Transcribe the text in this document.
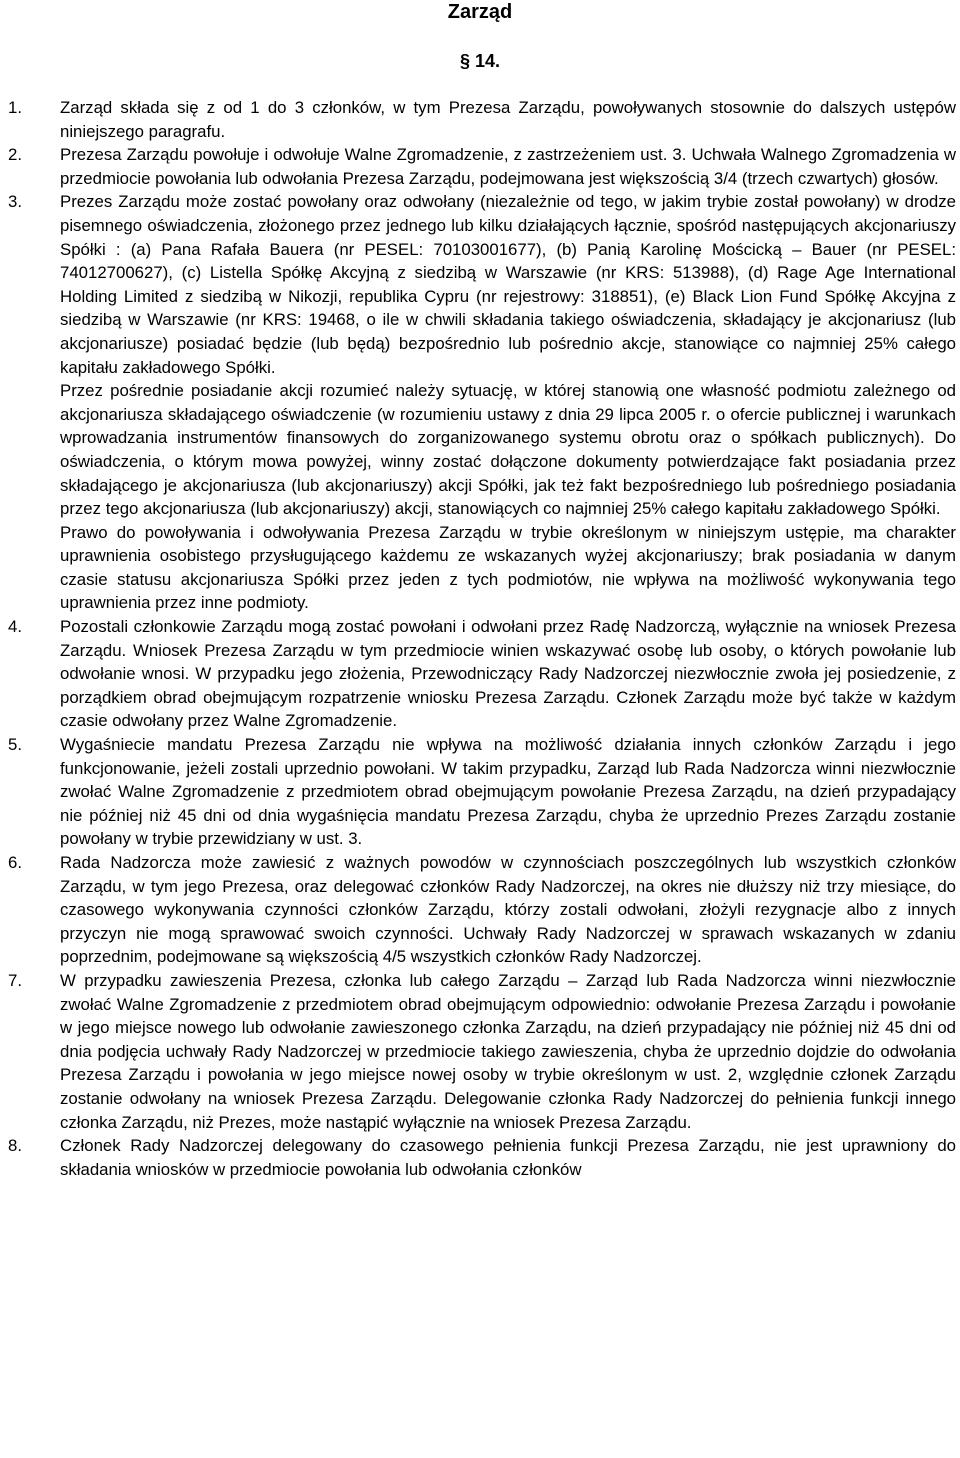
Zarząd
§ 14.
1. Zarząd składa się z od 1 do 3 członków, w tym Prezesa Zarządu, powoływanych stosownie do dalszych ustępów niniejszego paragrafu.

2. Prezesa Zarządu powołuje i odwołuje Walne Zgromadzenie, z zastrzeżeniem ust. 3. Uchwała Walnego Zgromadzenia w przedmiocie powołania lub odwołania Prezesa Zarządu, podejmowana jest większością 3/4 (trzech czwartych) głosów.

3. Prezes Zarządu może zostać powołany oraz odwołany (niezależnie od tego, w jakim trybie został powołany) w drodze pisemnego oświadczenia, złożonego przez jednego lub kilku działających łącznie, spośród następujących akcjonariuszy Spółki : (a) Pana Rafała Bauera (nr PESEL: 70103001677), (b) Panią Karolinę Mościcką – Bauer (nr PESEL: 74012700627), (c) Listella Spółkę Akcyjną z siedzibą w Warszawie (nr KRS: 513988), (d) Rage Age International Holding Limited z siedzibą w Nikozji, republika Cypru (nr rejestrowy: 318851), (e) Black Lion Fund Spółkę Akcyjna z siedzibą w Warszawie (nr KRS: 19468, o ile w chwili składania takiego oświadczenia, składający je akcjonariusz (lub akcjonariusze) posiadać będzie (lub będą) bezpośrednio lub pośrednio akcje, stanowiące co najmniej 25% całego kapitału zakładowego Spółki.

Przez pośrednie posiadanie akcji rozumieć należy sytuację, w której stanowią one własność podmiotu zależnego od akcjonariusza składającego oświadczenie (w rozumieniu ustawy z dnia 29 lipca 2005 r. o ofercie publicznej i warunkach wprowadzania instrumentów finansowych do zorganizowanego systemu obrotu oraz o spółkach publicznych). Do oświadczenia, o którym mowa powyżej, winny zostać dołączone dokumenty potwierdzające fakt posiadania przez składającego je akcjonariusza (lub akcjonariuszy) akcji Spółki, jak też fakt bezpośredniego lub pośredniego posiadania przez tego akcjonariusza (lub akcjonariuszy) akcji, stanowiących co najmniej 25% całego kapitału zakładowego Spółki.

Prawo do powoływania i odwoływania Prezesa Zarządu w trybie określonym w niniejszym ustępie, ma charakter uprawnienia osobistego przysługującego każdemu ze wskazanych wyżej akcjonariuszy; brak posiadania w danym czasie statusu akcjonariusza Spółki przez jeden z tych podmiotów, nie wpływa na możliwość wykonywania tego uprawnienia przez inne podmioty.

4. Pozostali członkowie Zarządu mogą zostać powołani i odwołani przez Radę Nadzorczą, wyłącznie na wniosek Prezesa Zarządu. Wniosek Prezesa Zarządu w tym przedmiocie winien wskazywać osobę lub osoby, o których powołanie lub odwołanie wnosi. W przypadku jego złożenia, Przewodniczący Rady Nadzorczej niezwłocznie zwoła jej posiedzenie, z porządkiem obrad obejmującym rozpatrzenie wniosku Prezesa Zarządu. Członek Zarządu może być także w każdym czasie odwołany przez Walne Zgromadzenie.

5. Wygaśniecie mandatu Prezesa Zarządu nie wpływa na możliwość działania innych członków Zarządu i jego funkcjonowanie, jeżeli zostali uprzednio powołani. W takim przypadku, Zarząd lub Rada Nadzorcza winni niezwłocznie zwołać Walne Zgromadzenie z przedmiotem obrad obejmującym powołanie Prezesa Zarządu, na dzień przypadający nie później niż 45 dni od dnia wygaśnięcia mandatu Prezesa Zarządu, chyba że uprzednio Prezes Zarządu zostanie powołany w trybie przewidziany w ust. 3.

6. Rada Nadzorcza może zawiesić z ważnych powodów w czynnościach poszczególnych lub wszystkich członków Zarządu, w tym jego Prezesa, oraz delegować członków Rady Nadzorczej, na okres nie dłuższy niż trzy miesiące, do czasowego wykonywania czynności członków Zarządu, którzy zostali odwołani, złożyli rezygnacje albo z innych przyczyn nie mogą sprawować swoich czynności. Uchwały Rady Nadzorczej w sprawach wskazanych w zdaniu poprzednim, podejmowane są większością 4/5 wszystkich członków Rady Nadzorczej.

7. W przypadku zawieszenia Prezesa, członka lub całego Zarządu – Zarząd lub Rada Nadzorcza winni niezwłocznie zwołać Walne Zgromadzenie z przedmiotem obrad obejmującym odpowiednio: odwołanie Prezesa Zarządu i powołanie w jego miejsce nowego lub odwołanie zawieszonego członka Zarządu, na dzień przypadający nie później niż 45 dni od dnia podjęcia uchwały Rady Nadzorczej w przedmiocie takiego zawieszenia, chyba że uprzednio dojdzie do odwołania Prezesa Zarządu i powołania w jego miejsce nowej osoby w trybie określonym w ust. 2, względnie członek Zarządu zostanie odwołany na wniosek Prezesa Zarządu. Delegowanie członka Rady Nadzorczej do pełnienia funkcji innego członka Zarządu, niż Prezes, może nastąpić wyłącznie na wniosek Prezesa Zarządu.

8. Członek Rady Nadzorczej delegowany do czasowego pełnienia funkcji Prezesa Zarządu, nie jest uprawniony do składania wniosków w przedmiocie powołania lub odwołania członków
